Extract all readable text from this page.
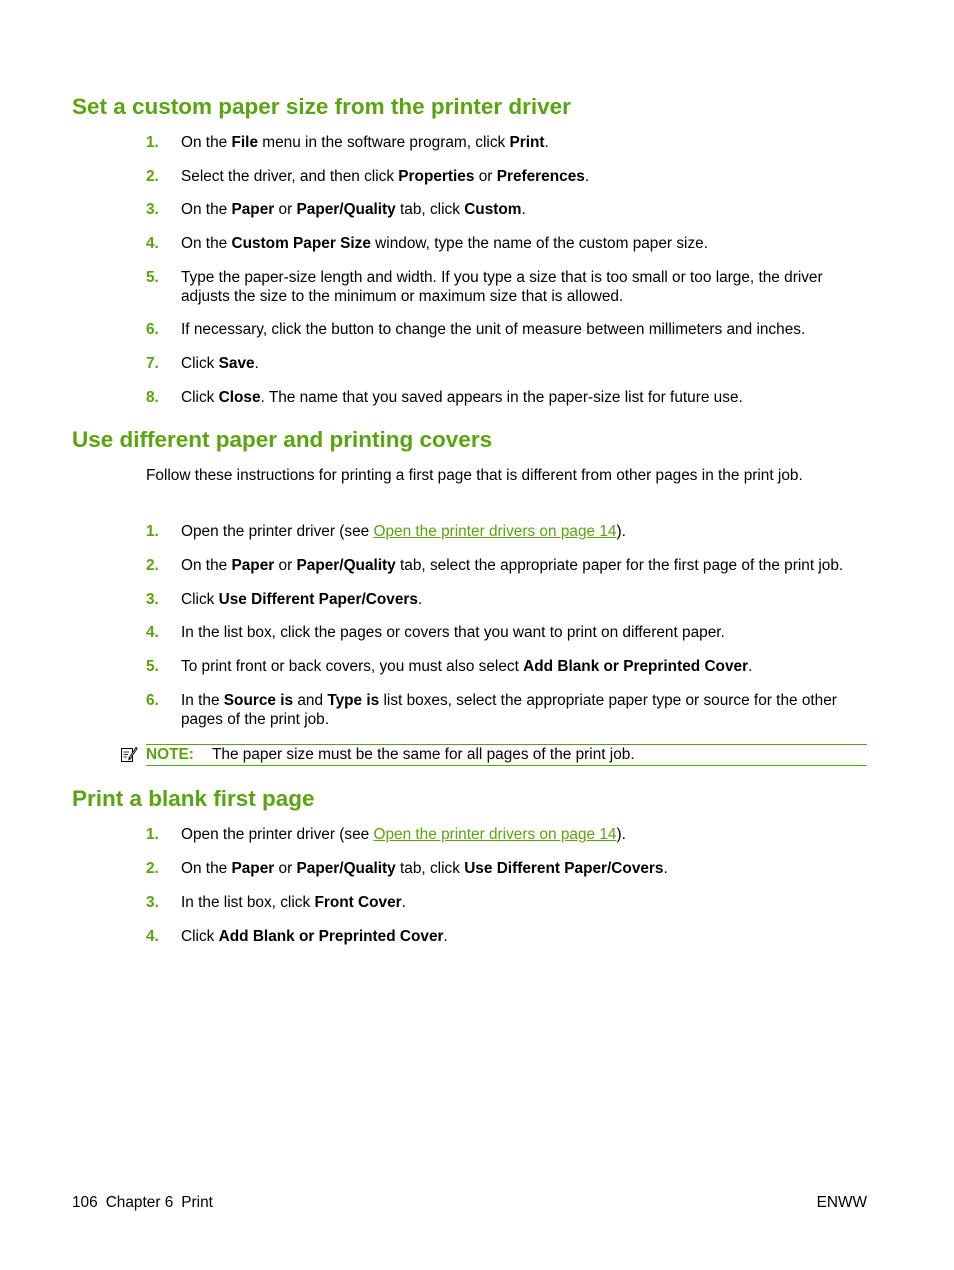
Set a custom paper size from the printer driver
1. On the File menu in the software program, click Print.
2. Select the driver, and then click Properties or Preferences.
3. On the Paper or Paper/Quality tab, click Custom.
4. On the Custom Paper Size window, type the name of the custom paper size.
5. Type the paper-size length and width. If you type a size that is too small or too large, the driver adjusts the size to the minimum or maximum size that is allowed.
6. If necessary, click the button to change the unit of measure between millimeters and inches.
7. Click Save.
8. Click Close. The name that you saved appears in the paper-size list for future use.
Use different paper and printing covers
Follow these instructions for printing a first page that is different from other pages in the print job.
1. Open the printer driver (see Open the printer drivers on page 14).
2. On the Paper or Paper/Quality tab, select the appropriate paper for the first page of the print job.
3. Click Use Different Paper/Covers.
4. In the list box, click the pages or covers that you want to print on different paper.
5. To print front or back covers, you must also select Add Blank or Preprinted Cover.
6. In the Source is and Type is list boxes, select the appropriate paper type or source for the other pages of the print job.
NOTE: The paper size must be the same for all pages of the print job.
Print a blank first page
1. Open the printer driver (see Open the printer drivers on page 14).
2. On the Paper or Paper/Quality tab, click Use Different Paper/Covers.
3. In the list box, click Front Cover.
4. Click Add Blank or Preprinted Cover.
106 Chapter 6 Print	ENWW
